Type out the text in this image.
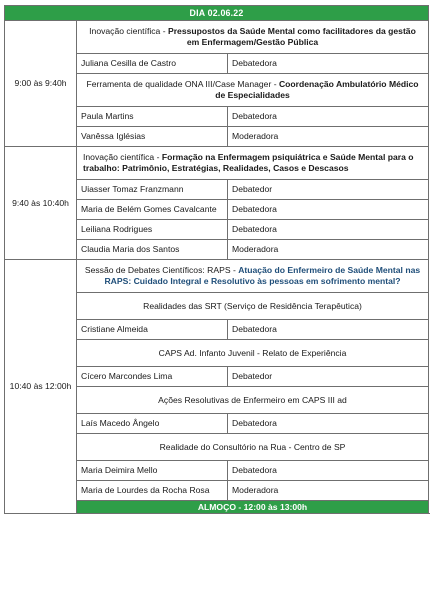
DIA 02.06.22		
9:00 às 9:40h	Inovação científica - Pressupostos da Saúde Mental como facilitadores da gestão em Enfermagem/Gestão Pública	
	Juliana Cesilla de Castro	Debatedora
	Ferramenta de qualidade ONA III/Case Manager - Coordenação Ambulatório Médico de Especialidades	
	Paula Martins	Debatedora
	Vanêssa Iglésias	Moderadora
9:40 às 10:40h	Inovação científica - Formação na Enfermagem psiquiátrica e Saúde Mental para o trabalho: Patrimônio, Estratégias, Realidades, Casos e Descasos	
	Uiasser Tomaz Franzmann	Debatedor
	Maria de Belém Gomes Cavalcante	Debatedora
	Leiliana Rodrigues	Debatedora
	Claudia Maria dos Santos	Moderadora
10:40 às 12:00h	Sessão de Debates Científicos: RAPS - Atuação do Enfermeiro de Saúde Mental nas RAPS: Cuidado Integral e Resolutivo às pessoas em sofrimento mental?	
	Realidades das SRT (Serviço de Residência Terapêutica)	
	Cristiane Almeida	Debatedora
	CAPS Ad. Infanto Juvenil - Relato de Experiência	
	Cícero Marcondes Lima	Debatedor
	Ações Resolutivas de Enfermeiro em CAPS III ad	
	Laís Macedo Ângelo	Debatedora
	Realidade do Consultório na Rua - Centro de SP	
	Maria Deimira Mello	Debatedora
	Maria de Lourdes da Rocha Rosa	Moderadora
	ALMOÇO - 12:00 às 13:00h	
